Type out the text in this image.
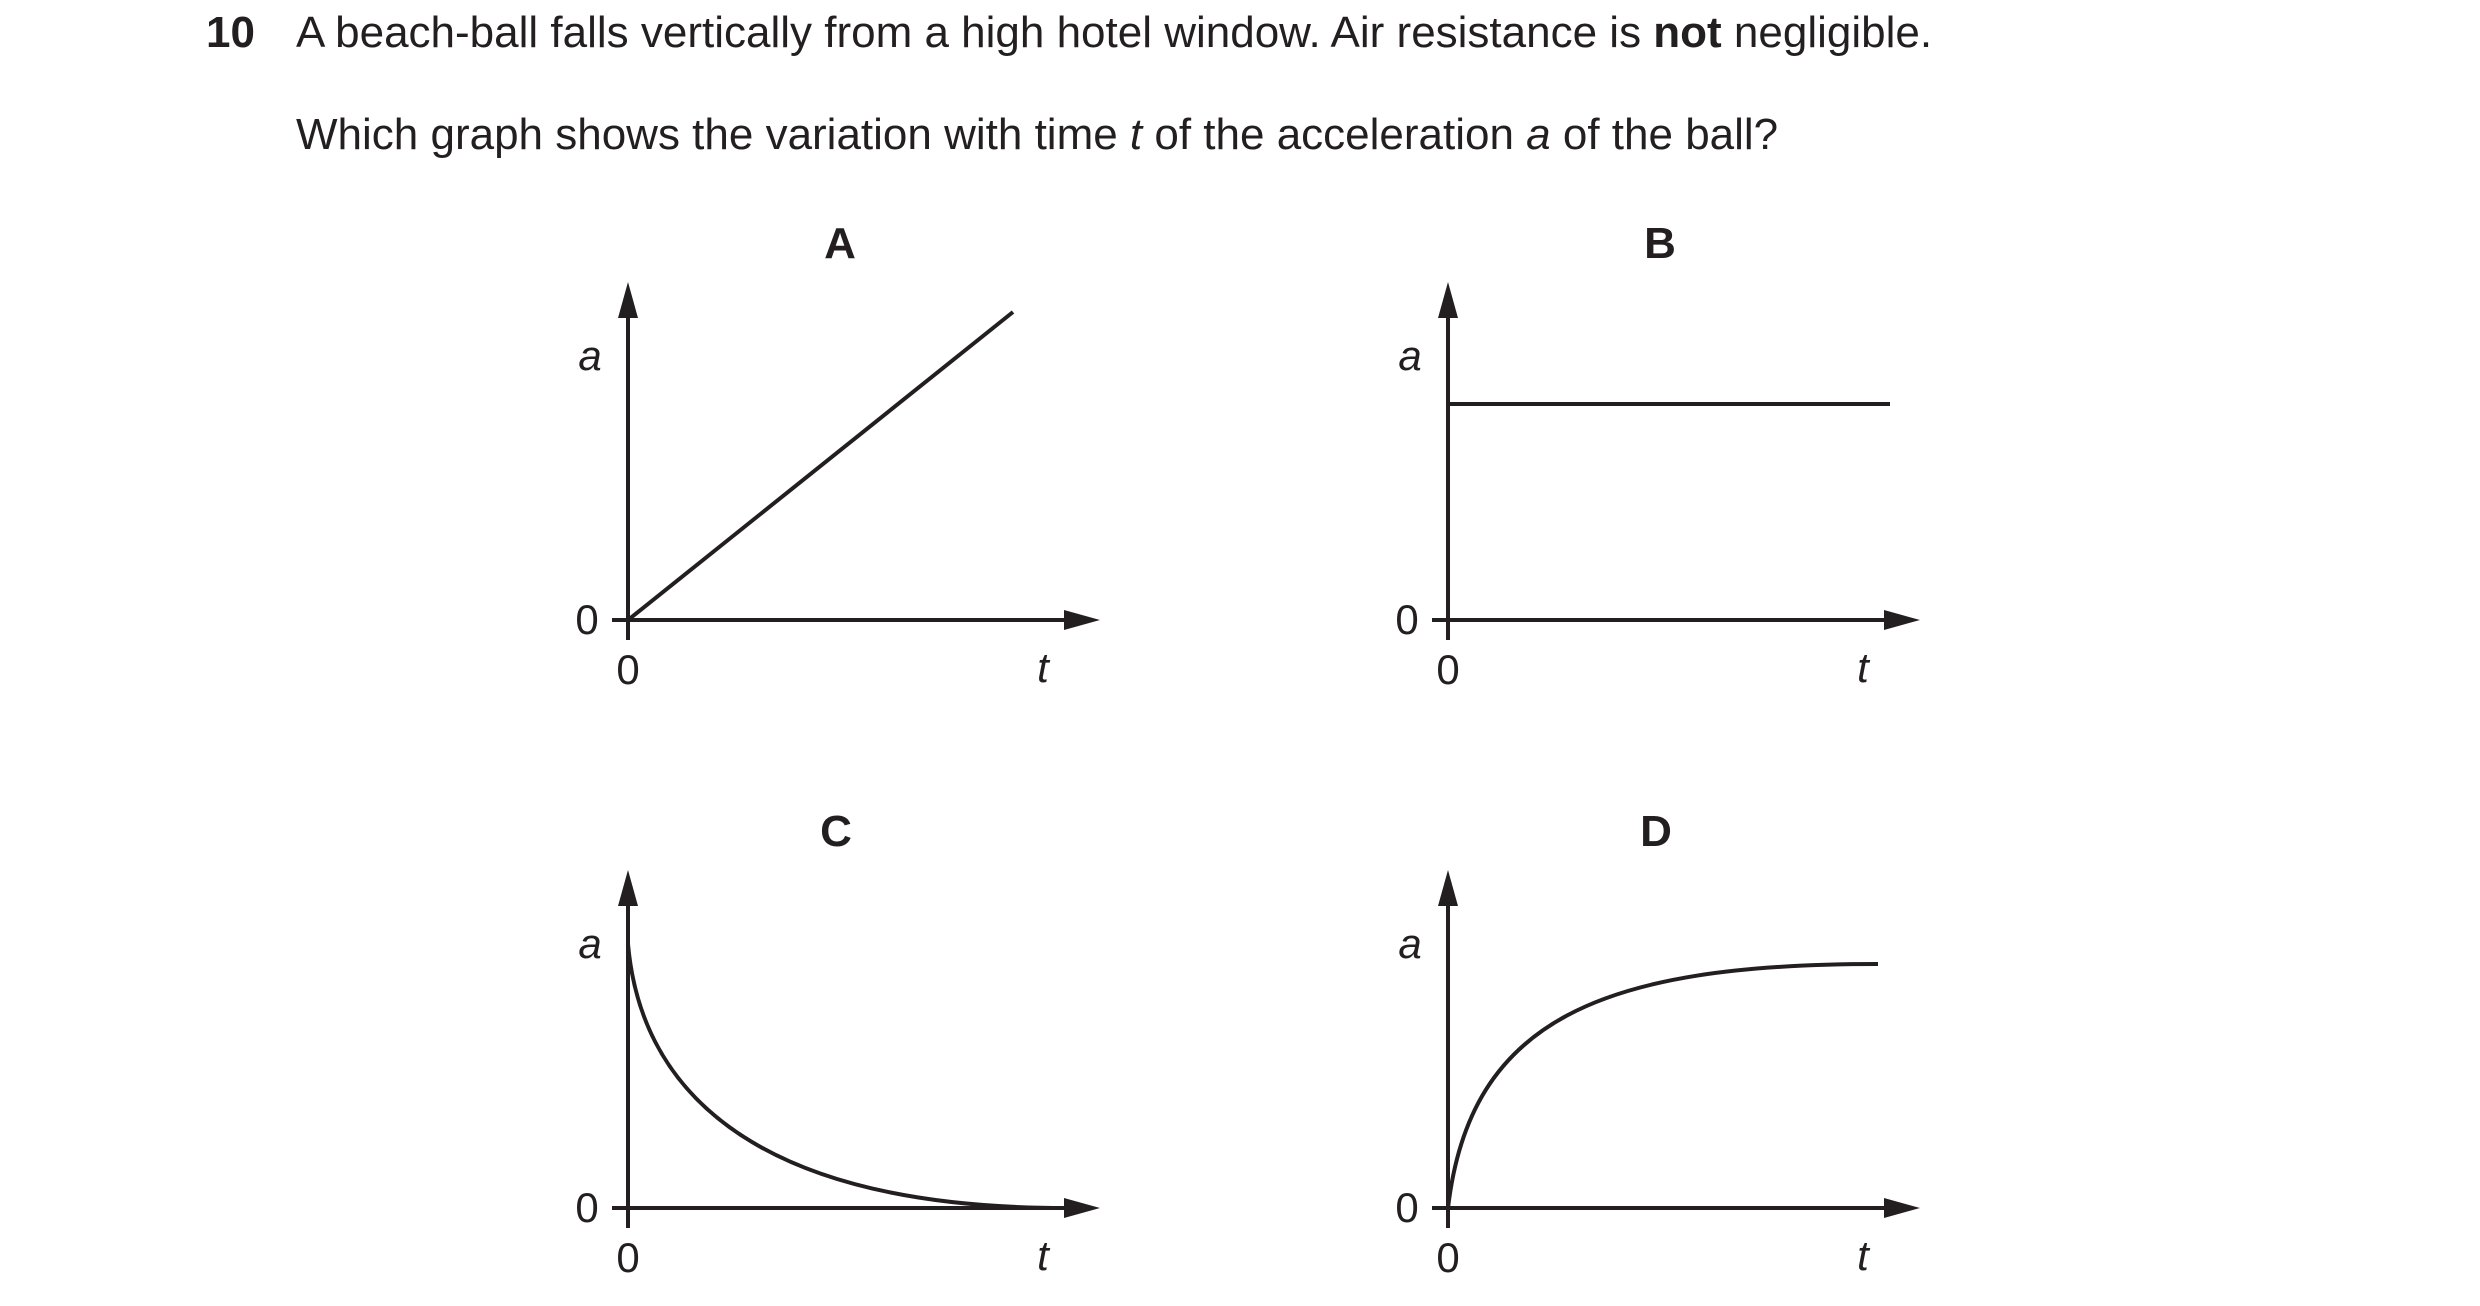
10 A beach-ball falls vertically from a high hotel window. Air resistance is not negligible.
Which graph shows the variation with time t of the acceleration a of the ball?
A
a
t
0
0
B
a
t
0
0
C
a
t
0
0
D
a
t
0
0
